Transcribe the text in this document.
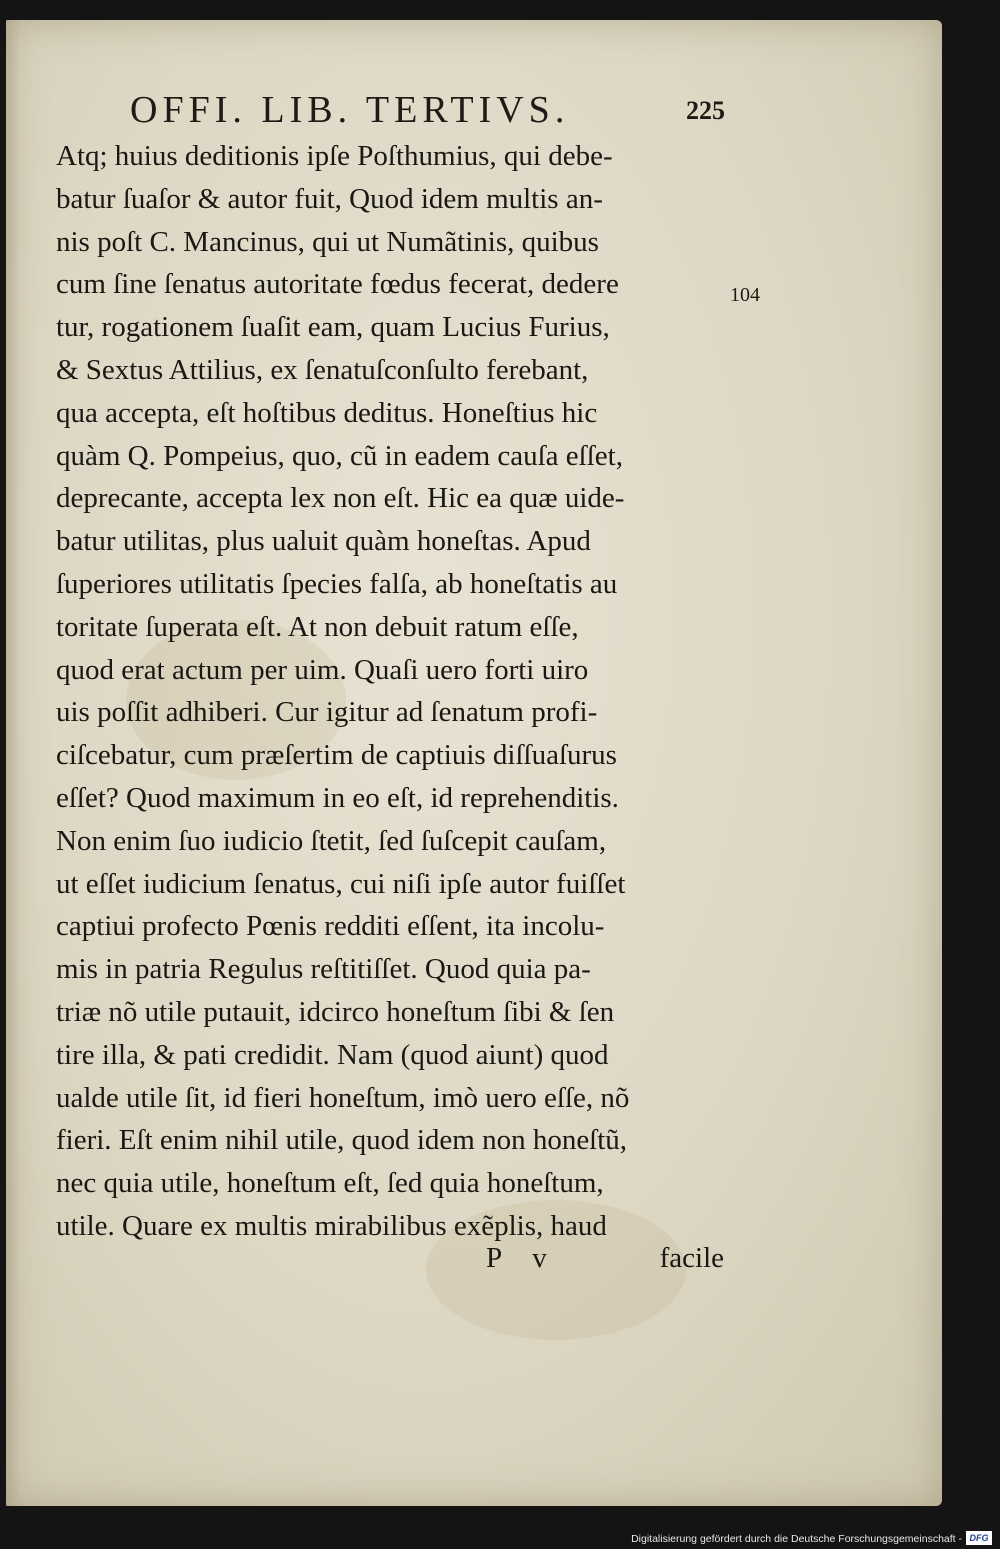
OFFI. LIB. TERTIVS.	225
104
Atq; huius deditionis ipſe Poſthumius, qui debe-
batur ſuaſor & autor fuit, Quod idem multis an-
nis poſt C. Mancinus, qui ut Numãtinis, quibus
cum ſine ſenatus autoritate fœdus fecerat, dedere
tur, rogationem ſuaſit eam, quam Lucius Furius,
& Sextus Attilius, ex ſenatuſconſulto ferebant,
qua accepta, eſt hoſtibus deditus. Honeſtius hic
quàm Q. Pompeius, quo, cũ in eadem cauſa eſſet,
deprecante, accepta lex non eſt. Hic ea quæ uide-
batur utilitas, plus ualuit quàm honeſtas. Apud
ſuperiores utilitatis ſpecies falſa, ab honeſtatis au
toritate ſuperata eſt. At non debuit ratum eſſe,
quod erat actum per uim. Quaſi uero forti uiro
uis poſſit adhiberi. Cur igitur ad ſenatum profi-
ciſcebatur, cum præſertim de captiuis diſſuaſurus
eſſet? Quod maximum in eo eſt, id reprehenditis.
Non enim ſuo iudicio ſtetit, ſed ſuſcepit cauſam,
ut eſſet iudicium ſenatus, cui niſi ipſe autor fuiſſet
captiui profecto Pœnis redditi eſſent, ita incolu-
mis in patria Regulus reſtitiſſet. Quod quia pa-
triæ nõ utile putauit, idcirco honeſtum ſibi & ſen
tire illa, & pati credidit. Nam (quod aiunt) quod
ualde utile ſit, id fieri honeſtum, imò uero eſſe, nõ
fieri. Eſt enim nihil utile, quod idem non honeſtũ,
nec quia utile, honeſtum eſt, ſed quia honeſtum,
utile. Quare ex multis mirabilibus exẽplis, haud
P v	facile
Digitalisierung gefördert durch die Deutsche Forschungsgemeinschaft - DFG
